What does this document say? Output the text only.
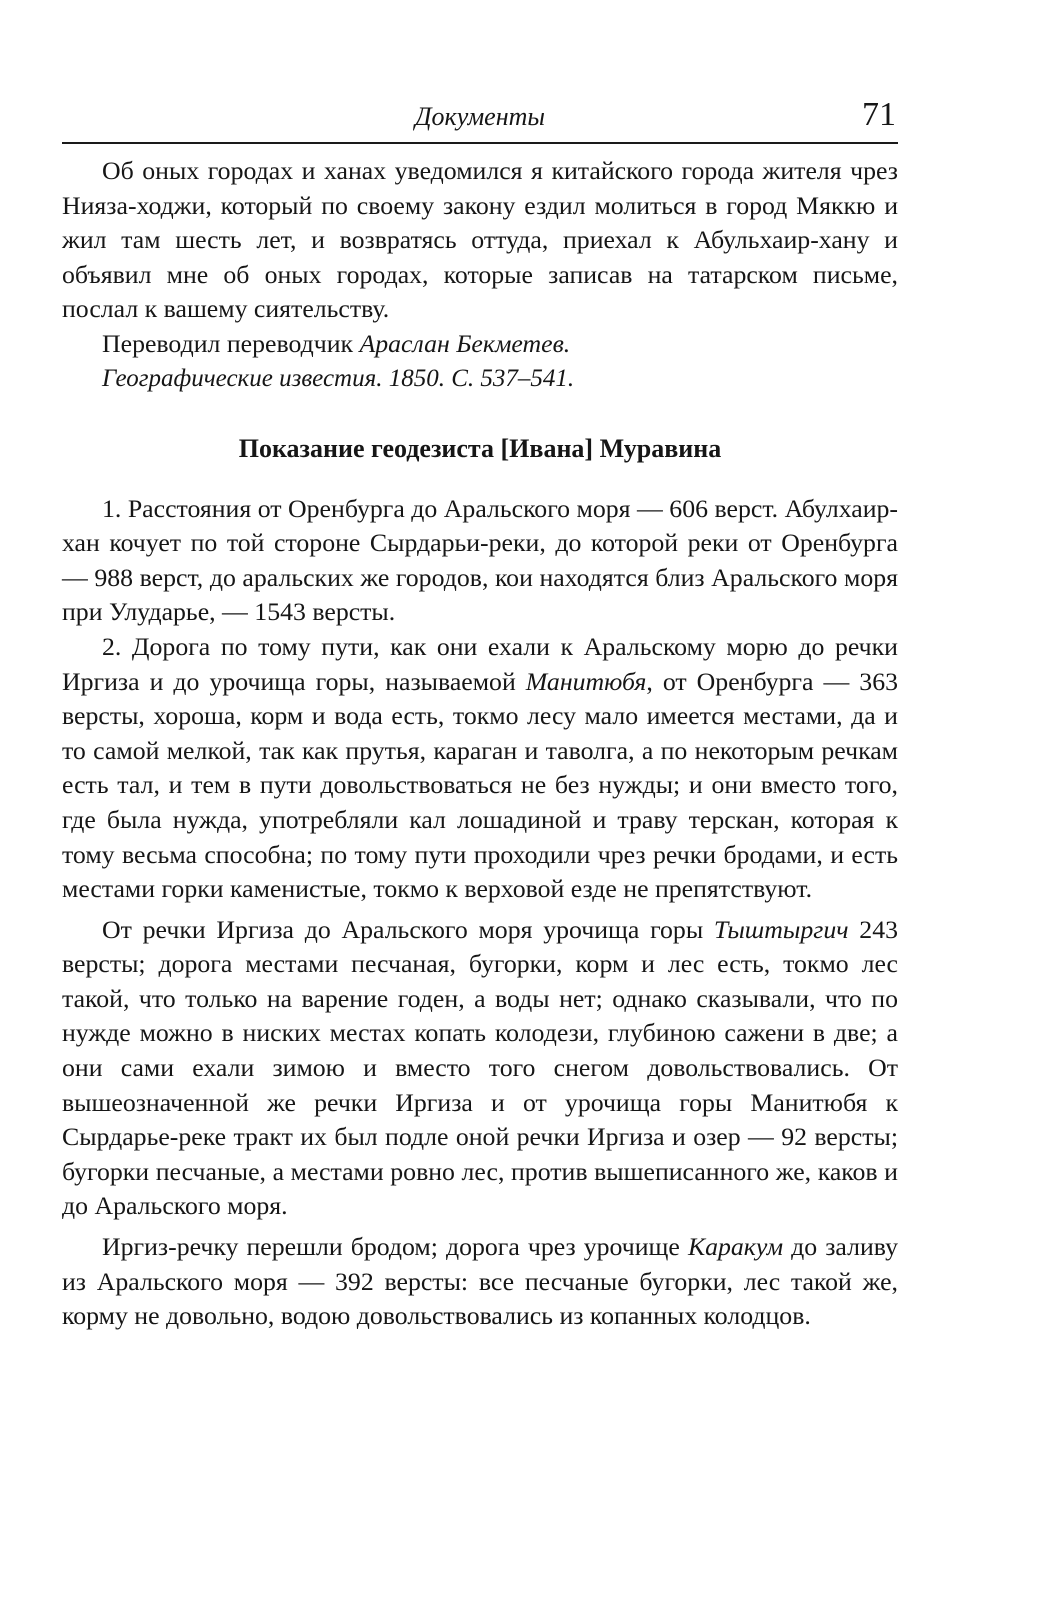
Документы	71

Об оных городах и ханах уведомился я китайского города жителя чрез Нияза-ходжи, который по своему закону ездил молиться в город Мяккю и жил там шесть лет, и возвратясь оттуда, приехал к Абульхаир-хану и объявил мне об оных городах, которые записав на татарском письме, послал к вашему сиятельству.

Переводил переводчик Араслан Бекметев.

Географические известия. 1850. С. 537–541.

Показание геодезиста [Ивана] Муравина

1. Расстояния от Оренбурга до Аральского моря — 606 верст. Абулхаир-хан кочует по той стороне Сырдарьи-реки, до которой реки от Оренбурга — 988 верст, до аральских же городов, кои находятся близ Аральского моря при Улударье, — 1543 версты.

2. Дорога по тому пути, как они ехали к Аральскому морю до речки Иргиза и до урочища горы, называемой Манитюбя, от Оренбурга — 363 версты, хороша, корм и вода есть, токмо лесу мало имеется местами, да и то самой мелкой, так как прутья, караган и таволга, а по некоторым речкам есть тал, и тем в пути довольствоваться не без нужды; и они вместо того, где была нужда, употребляли кал лошадиной и траву терскан, которая к тому весьма способна; по тому пути проходили чрез речки бродами, и есть местами горки каменистые, токмо к верховой езде не препятствуют.

От речки Иргиза до Аральского моря урочища горы Тыштыргич 243 версты; дорога местами песчаная, бугорки, корм и лес есть, токмо лес такой, что только на варение годен, а воды нет; однако сказывали, что по нужде можно в ниских местах копать колодези, глубиною сажени в две; а они сами ехали зимою и вместо того снегом довольствовались. От вышеозначенной же речки Иргиза и от урочища горы Манитюбя к Сырдарье-реке тракт их был подле оной речки Иргиза и озер — 92 версты; бугорки песчаные, а местами ровно лес, против вышеписанного же, каков и до Аральского моря.

Иргиз-речку перешли бродом; дорога чрез урочище Каракум до заливу из Аральского моря — 392 версты: все песчаные бугорки, лес такой же, корму не довольно, водою довольствовались из копанных колодцов.
